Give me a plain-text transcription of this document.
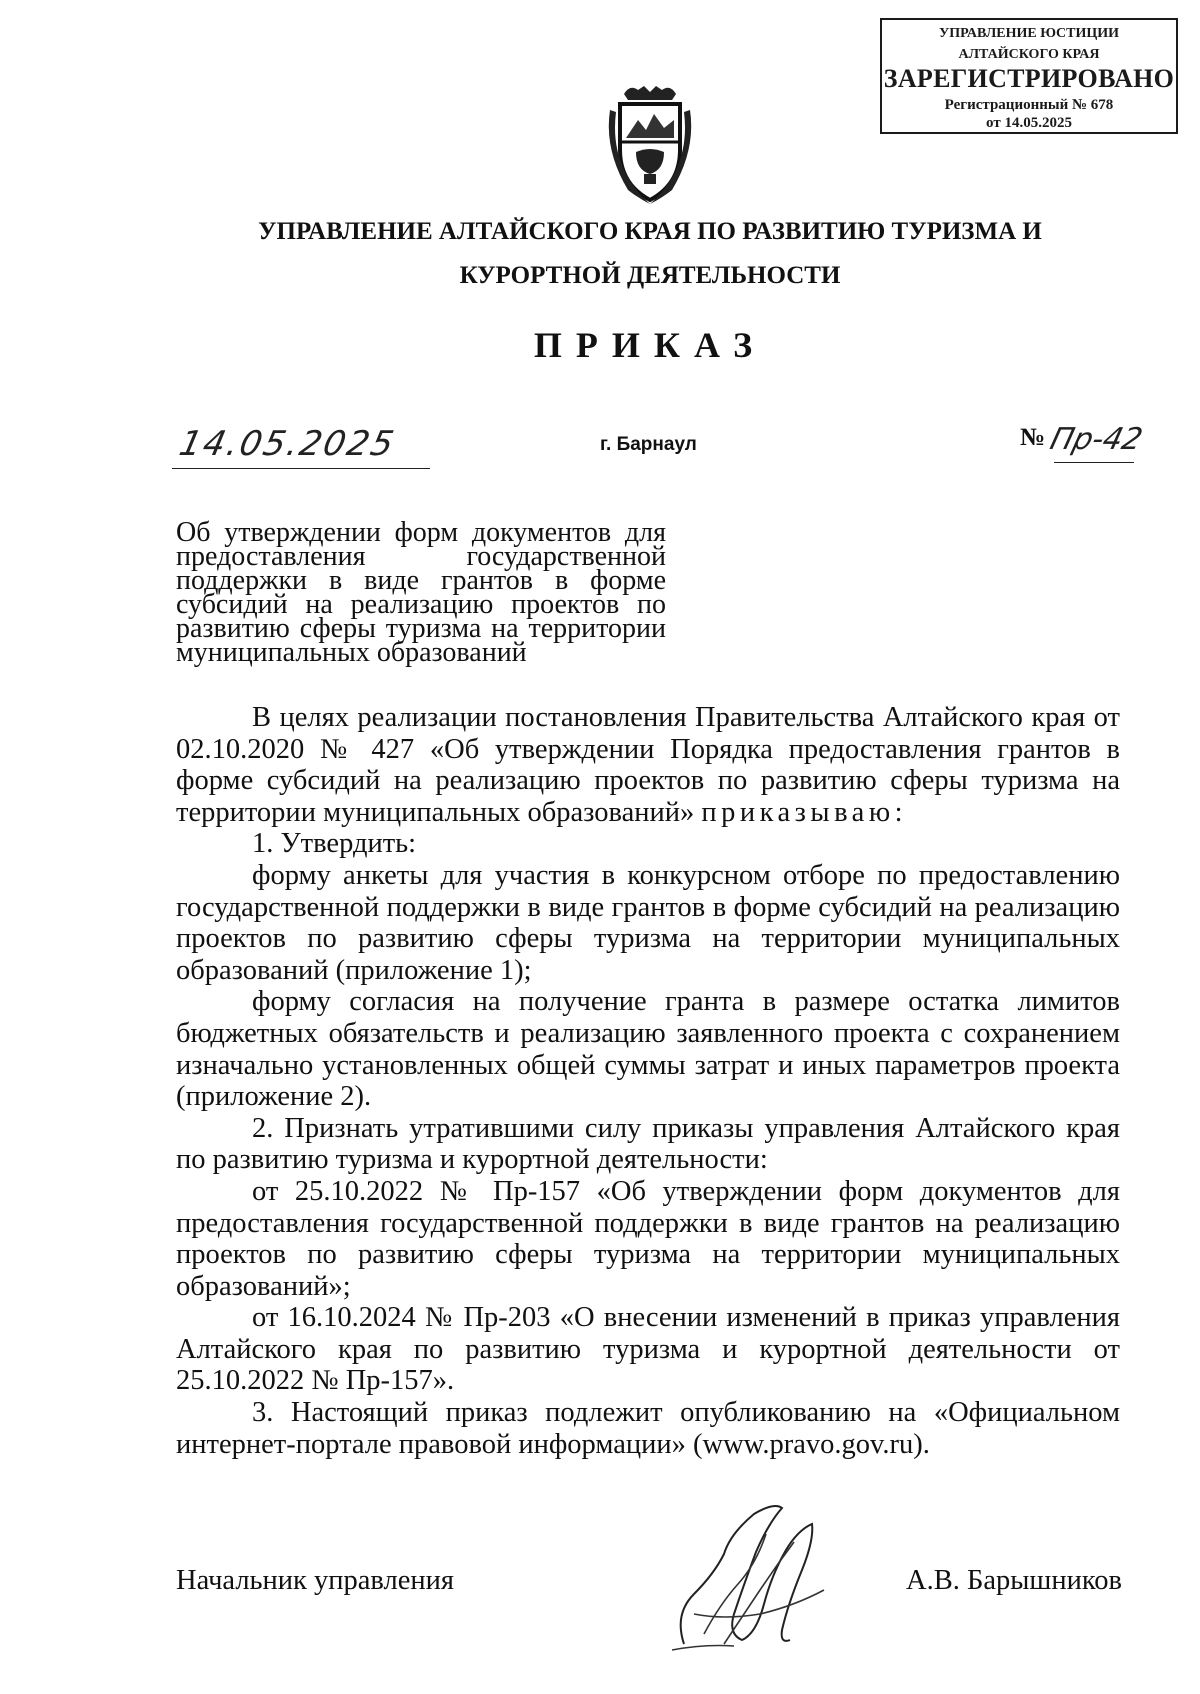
УПРАВЛЕНИЕ ЮСТИЦИИ
АЛТАЙСКОГО КРАЯ
ЗАРЕГИСТРИРОВАНО
Регистрационный № 678
от 14.05.2025
УПРАВЛЕНИЕ АЛТАЙСКОГО КРАЯ ПО РАЗВИТИЮ ТУРИЗМА И
КУРОРТНОЙ ДЕЯТЕЛЬНОСТИ
ПРИКАЗ
14.05.2025	г. Барнаул	№ Пр-42
Об утверждении форм документов для предоставления государственной поддержки в виде грантов в форме субсидий на реализацию проектов по развитию сферы туризма на территории муниципальных образований

В целях реализации постановления Правительства Алтайского края от 02.10.2020 № 427 «Об утверждении Порядка предоставления грантов в форме субсидий на реализацию проектов по развитию сферы туризма на территории муниципальных образований» приказываю:

1. Утвердить:

форму анкеты для участия в конкурсном отборе по предоставлению государственной поддержки в виде грантов в форме субсидий на реализацию проектов по развитию сферы туризма на территории муниципальных образований (приложение 1);

форму согласия на получение гранта в размере остатка лимитов бюджетных обязательств и реализацию заявленного проекта с сохранением изначально установленных общей суммы затрат и иных параметров проекта (приложение 2).

2. Признать утратившими силу приказы управления Алтайского края по развитию туризма и курортной деятельности:

от 25.10.2022 № Пр-157 «Об утверждении форм документов для предоставления государственной поддержки в виде грантов на реализацию проектов по развитию сферы туризма на территории муниципальных образований»;

от 16.10.2024 № Пр-203 «О внесении изменений в приказ управления Алтайского края по развитию туризма и курортной деятельности от 25.10.2022 № Пр-157».

3. Настоящий приказ подлежит опубликованию на «Официальном интернет-портале правовой информации» (www.pravo.gov.ru).

Начальник управления	А.В. Барышников
